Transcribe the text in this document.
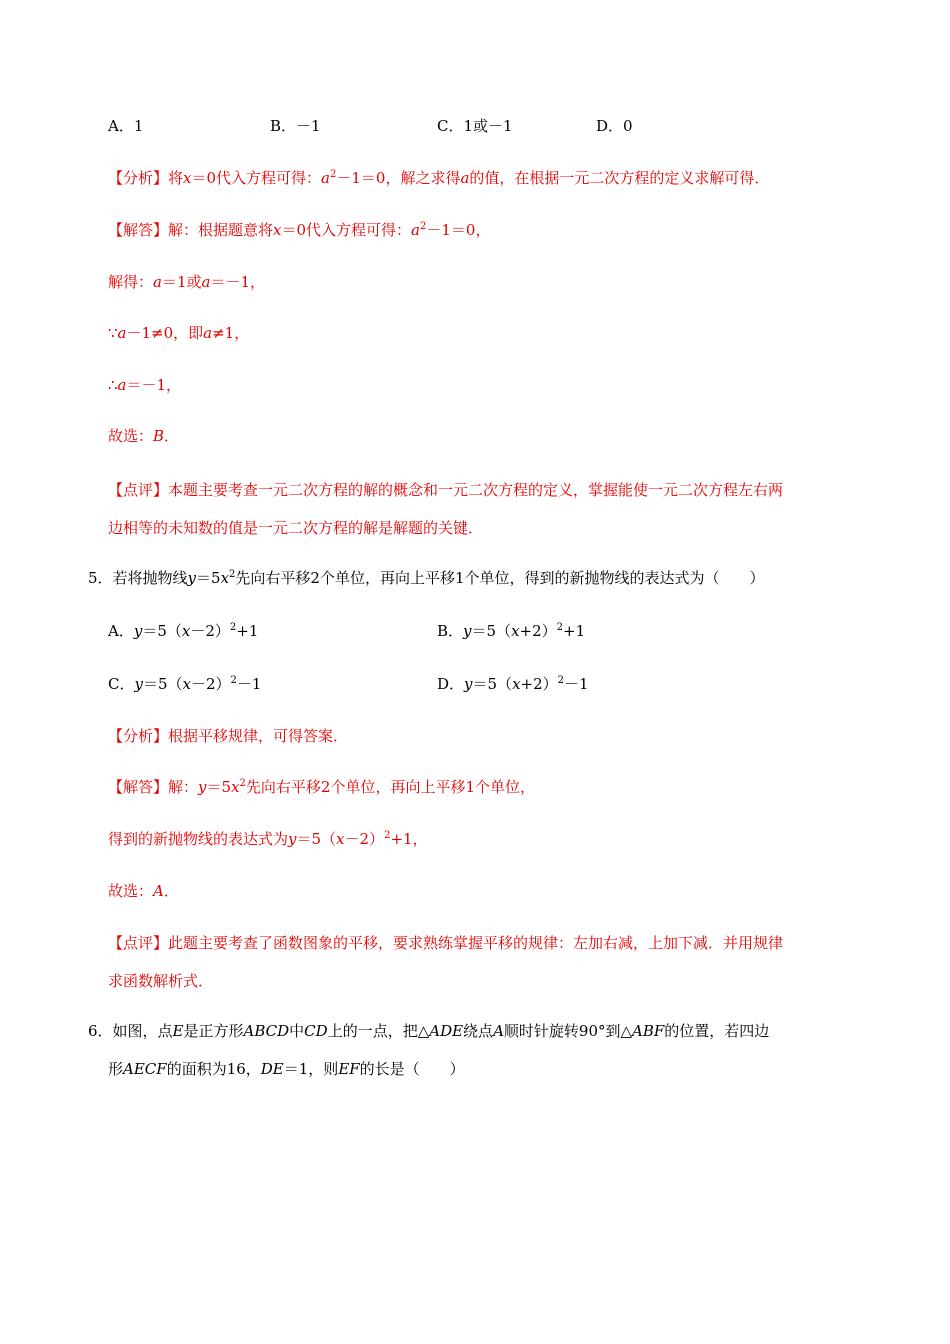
A．1	B．－1	C．1或－1	D．0
【分析】将x＝0代入方程可得：$a^2-1=0$，解之求得a的值，在根据一元二次方程的定义求解可得．
【解答】解：根据题意将x＝0代入方程可得：$a^2-1=0$，
解得：a＝1或a＝－1，
∵a－1≠0，即a≠1，
∴a＝－1，
故选：B．
【点评】本题主要考查一元二次方程的解的概念和一元二次方程的定义，掌握能使一元二次方程左右两
边相等的未知数的值是一元二次方程的解是解题的关键．
5．若将抛物线$y=5x^2$先向右平移2个单位，再向上平移1个单位，得到的新抛物线的表达式为（　　）
A．$y=5(x-2)^2+1$	B．$y=5(x+2)^2+1$
C．$y=5(x-2)^2-1$	D．$y=5(x+2)^2-1$
【分析】根据平移规律，可得答案．
【解答】解：$y=5x^2$先向右平移2个单位，再向上平移1个单位，
得到的新抛物线的表达式为$y=5(x-2)^2+1$，
故选：A．
【点评】此题主要考查了函数图象的平移，要求熟练掌握平移的规律：左加右减，上加下减．并用规律
求函数解析式．
6．如图，点E是正方形ABCD中CD上的一点，把△ADE绕点A顺时针旋转90°到△ABF的位置，若四边
形AECF的面积为16，DE＝1，则EF的长是（　　）
